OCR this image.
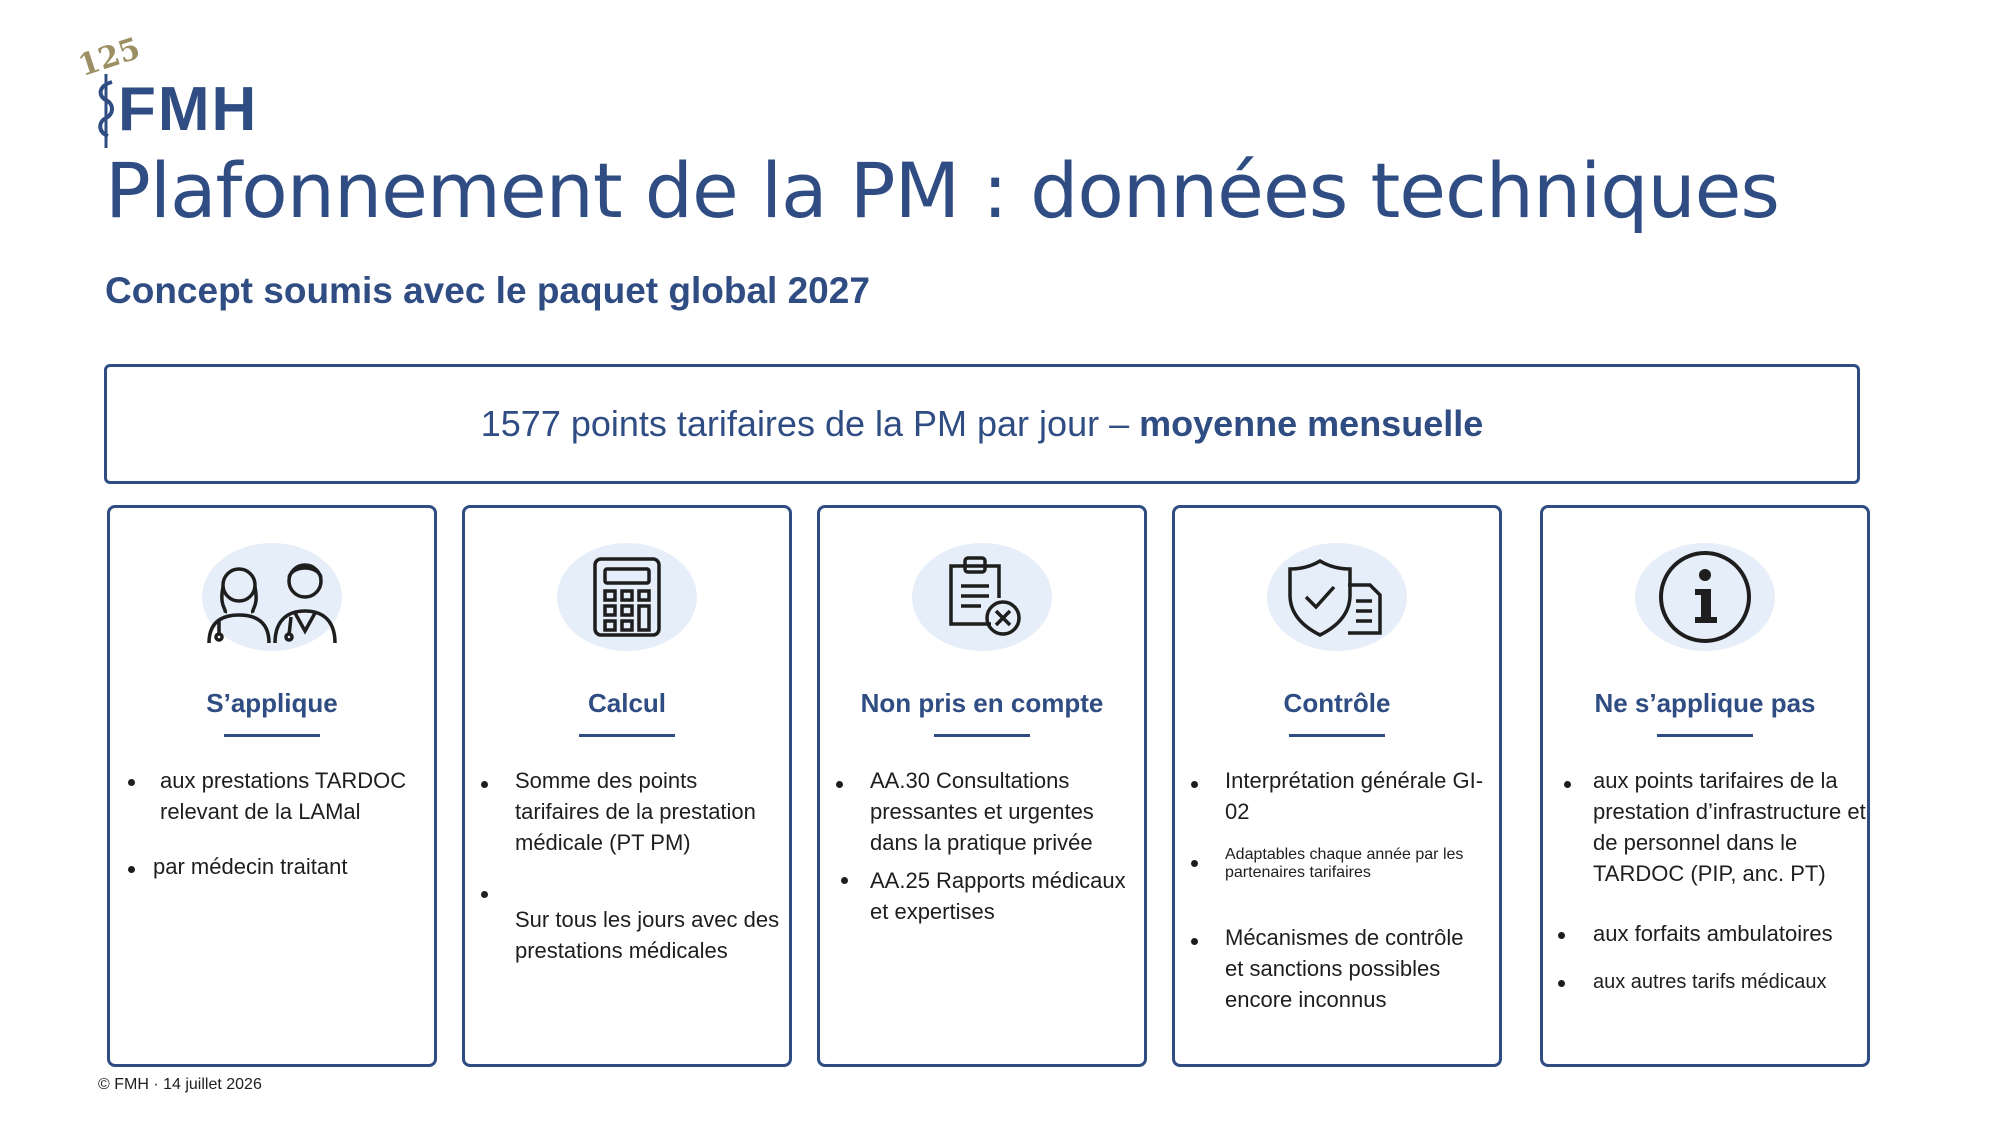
125
FMH
Plafonnement de la PM : données techniques
Concept soumis avec le paquet global 2027
1577 points tarifaires de la PM par jour – moyenne mensuelle
S’applique
aux prestations TARDOC relevant de la LAMal
par médecin traitant
Calcul
Somme des points tarifaires de la prestation médicale (PT PM)
Sur tous les jours avec des prestations médicales
Non pris en compte
AA.30 Consultations pressantes et urgentes dans la pratique privée
AA.25 Rapports médicaux et expertises
Contrôle
Interprétation générale GI-02
Adaptables chaque année par les partenaires tarifaires
Mécanismes de contrôle et sanctions possibles encore inconnus
Ne s’applique pas
aux points tarifaires de la prestation d’infrastructure et de personnel dans le TARDOC (PIP, anc. PT)
aux forfaits ambulatoires
aux autres tarifs médicaux
© FMH · 14 juillet 2026
